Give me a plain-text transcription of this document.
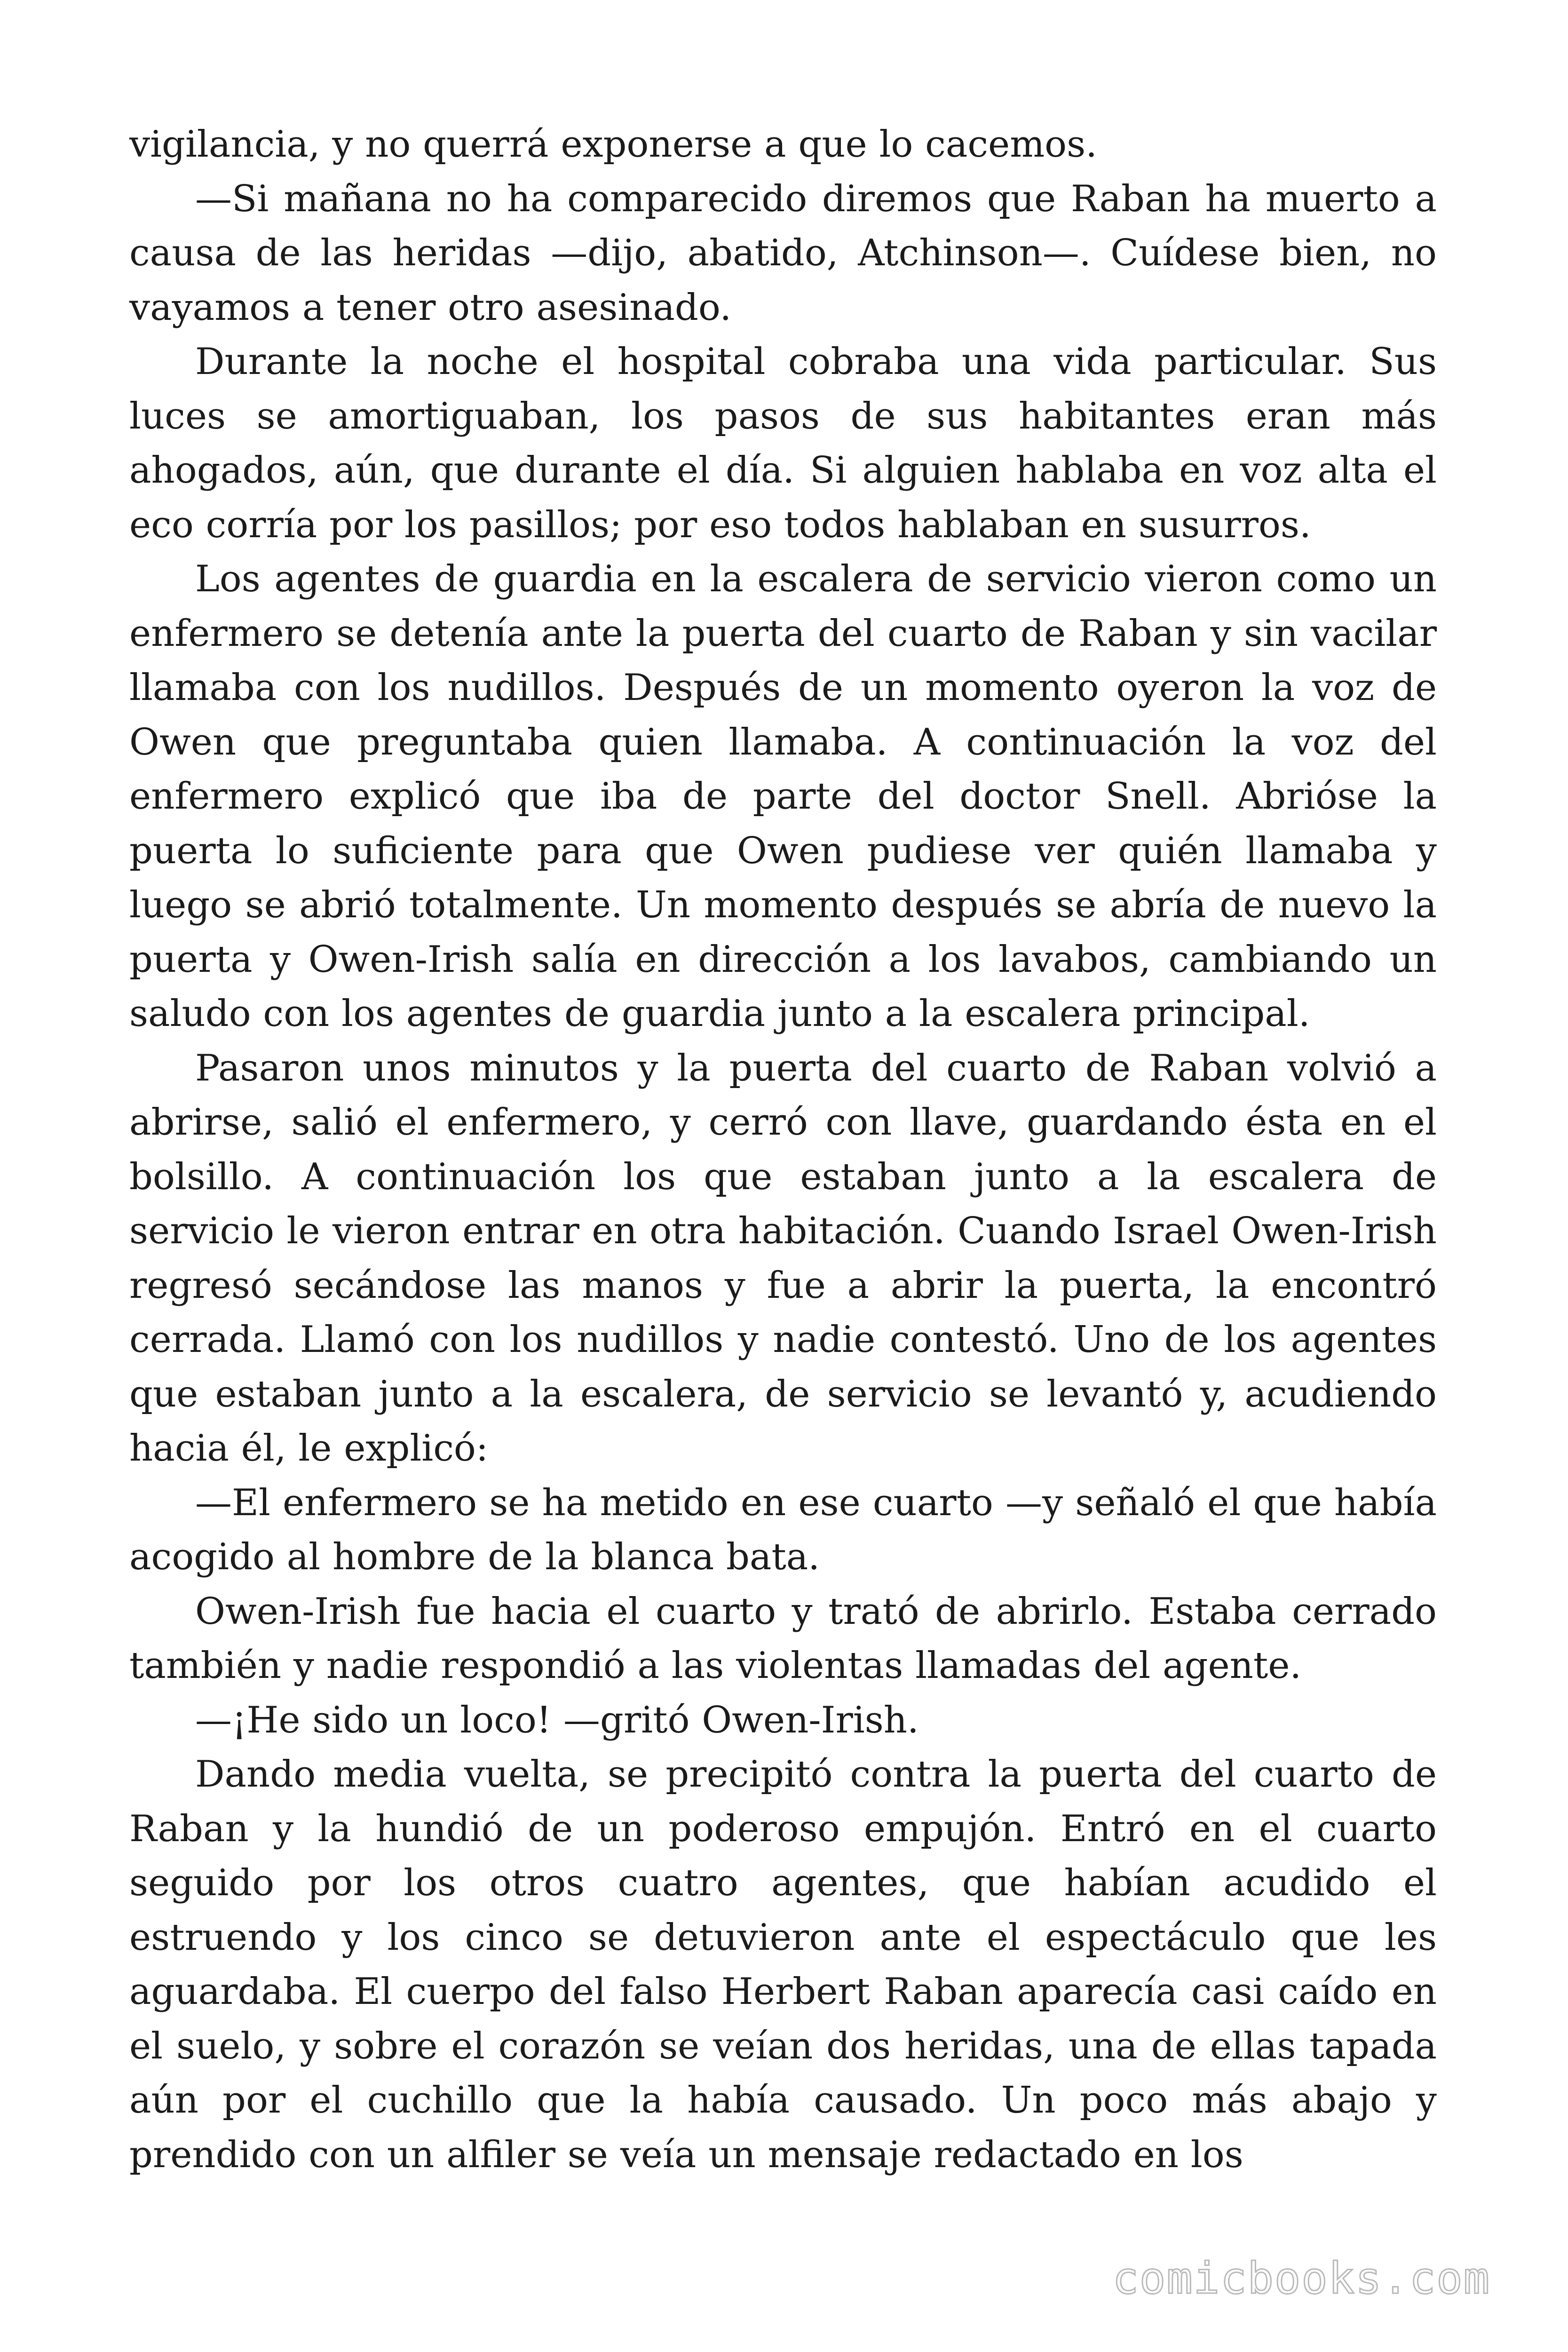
vigilancia, y no querrá exponerse a que lo cacemos.

—Si mañana no ha comparecido diremos que Raban ha muerto a causa de las heridas —dijo, abatido, Atchinson—. Cuídese bien, no vayamos a tener otro asesinado.

Durante la noche el hospital cobraba una vida particular. Sus luces se amortiguaban, los pasos de sus habitantes eran más ahogados, aún, que durante el día. Si alguien hablaba en voz alta el eco corría por los pasillos; por eso todos hablaban en susurros.

Los agentes de guardia en la escalera de servicio vieron como un enfermero se detenía ante la puerta del cuarto de Raban y sin vacilar llamaba con los nudillos. Después de un momento oyeron la voz de Owen que preguntaba quien llamaba. A continuación la voz del enfermero explicó que iba de parte del doctor Snell. Abrióse la puerta lo suficiente para que Owen pudiese ver quién llamaba y luego se abrió totalmente. Un momento después se abría de nuevo la puerta y Owen-Irish salía en dirección a los lavabos, cambiando un saludo con los agentes de guardia junto a la escalera principal.

Pasaron unos minutos y la puerta del cuarto de Raban volvió a abrirse, salió el enfermero, y cerró con llave, guardando ésta en el bolsillo. A continuación los que estaban junto a la escalera de servicio le vieron entrar en otra habitación. Cuando Israel Owen-Irish regresó secándose las manos y fue a abrir la puerta, la encontró cerrada. Llamó con los nudillos y nadie contestó. Uno de los agentes que estaban junto a la escalera, de servicio se levantó y, acudiendo hacia él, le explicó:

—El enfermero se ha metido en ese cuarto —y señaló el que había acogido al hombre de la blanca bata.

Owen-Irish fue hacia el cuarto y trató de abrirlo. Estaba cerrado también y nadie respondió a las violentas llamadas del agente.

—¡He sido un loco! —gritó Owen-Irish.

Dando media vuelta, se precipitó contra la puerta del cuarto de Raban y la hundió de un poderoso empujón. Entró en el cuarto seguido por los otros cuatro agentes, que habían acudido el estruendo y los cinco se detuvieron ante el espectáculo que les aguardaba. El cuerpo del falso Herbert Raban aparecía casi caído en el suelo, y sobre el corazón se veían dos heridas, una de ellas tapada aún por el cuchillo que la había causado. Un poco más abajo y prendido con un alfiler se veía un mensaje redactado en los

comicbooks.com
